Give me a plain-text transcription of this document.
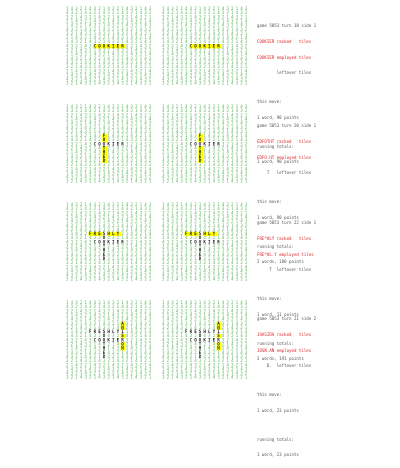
1 4 3 2 1 4 3 2 1 4 3 2 1 4 3 2 1 4 3
4 3 2 1 4 3 2 1 4 3 2 1 4 3 2 1 4 3 2
3 2 1 4 3 2 1 4 3 2 1 4 3 2 1 4 3 2 1
2 1 4 3 2 1 4 3 2 1 4 3 2 1 4 3 2 1 4
1 4 3 2 1 4 3 2 1 4 3 2 1 4 3 2 1 4 3
4 3 2 1 4 3 2 1 4 3 2 1 4 3 2 1 4 3 2
3 2 1 4 3 2 1 4 3 2 1 4 3 2 1 4 3 2 1
2 1 4 3 2 1 4 3 2 1 4 3 2 1 4 3 2 1 4
1 4 3 2 1 4 3 2 1 4 3 2 1 4 3 2 1 4 3
4 3 2 1 4 3 C O O K I E R 3 2 1 4 3 2
3 2 1 4 3 2 1 4 3 2 1 4 3 2 1 4 3 2 1
2 1 4 3 2 1 4 3 2 1 4 3 2 1 4 3 2 1 4
1 4 3 2 1 4 3 2 1 4 3 2 1 4 3 2 1 4 3
4 3 2 1 4 3 2 1 4 3 2 1 4 3 2 1 4 3 2
3 2 1 4 3 2 1 4 3 2 1 4 3 2 1 4 3 2 1
2 1 4 3 2 1 4 3 2 1 4 3 2 1 4 3 2 1 4
1 4 3 2 1 4 3 2 1 4 3 2 1 4 3 2 1 4 3
4 3 2 1 4 3 2 1 4 3 2 1 4 3 2 1 4 3 2
3 2 1 4 3 2 1 4 3 2 1 4 3 2 1 4 3 2 1
1 4 3 2 1 4 3 2 1 4 3 2 1 4 3 2 1 4 3
4 3 2 1 4 3 2 1 4 3 2 1 4 3 2 1 4 3 2
3 2 1 4 3 2 1 4 3 2 1 4 3 2 1 4 3 2 1
2 1 4 3 2 1 4 3 2 1 4 3 2 1 4 3 2 1 4
1 4 3 2 1 4 3 2 1 4 3 2 1 4 3 2 1 4 3
4 3 2 1 4 3 2 1 4 3 2 1 4 3 2 1 4 3 2
3 2 1 4 3 2 1 4 3 2 1 4 3 2 1 4 3 2 1
2 1 4 3 2 1 4 3 2 1 4 3 2 1 4 3 2 1 4
1 4 3 2 1 4 3 2 1 4 3 2 1 4 3 2 1 4 3
4 3 2 1 4 3 C O O K I E R 3 2 1 4 3 2
3 2 1 4 3 2 1 4 3 2 1 4 3 2 1 4 3 2 1
2 1 4 3 2 1 4 3 2 1 4 3 2 1 4 3 2 1 4
1 4 3 2 1 4 3 2 1 4 3 2 1 4 3 2 1 4 3
4 3 2 1 4 3 2 1 4 3 2 1 4 3 2 1 4 3 2
3 2 1 4 3 2 1 4 3 2 1 4 3 2 1 4 3 2 1
2 1 4 3 2 1 4 3 2 1 4 3 2 1 4 3 2 1 4
1 4 3 2 1 4 3 2 1 4 3 2 1 4 3 2 1 4 3
4 3 2 1 4 3 2 1 4 3 2 1 4 3 2 1 4 3 2
3 2 1 4 3 2 1 4 3 2 1 4 3 2 1 4 3 2 1
1 4 3 2 1 4 3 2 1 4 3 2 1 4 3 2 1 4 3
4 3 2 1 4 3 2 1 4 3 2 1 4 3 2 1 4 3 2
3 2 1 4 3 2 1 4 3 2 1 4 3 2 1 4 3 2 1
2 1 4 3 2 1 4 3 2 1 4 3 2 1 4 3 2 1 4
1 4 3 2 1 4 3 2 1 4 3 2 1 4 3 2 1 4 3
4 3 2 1 4 3 2 1 4 3 2 1 4 3 2 1 4 3 2
3 2 1 4 3 2 1 4 3 2 1 4 3 2 1 4 3 2 1
2 1 4 3 2 1 4 3 F 1 4 3 2 1 4 3 2 1 4
1 4 3 2 1 4 3 2 O 4 3 2 1 4 3 2 1 4 3
4 3 2 1 4 3 C O O K I E R 3 2 1 4 3 2
3 2 1 4 3 2 1 4 T 2 1 4 3 2 1 4 3 2 1
2 1 4 3 2 1 4 3 H 1 4 3 2 1 4 3 2 1 4
1 4 3 2 1 4 3 2 E 4 3 2 1 4 3 2 1 4 3
4 3 2 1 4 3 2 1 D 3 2 1 4 3 2 1 4 3 2
3 2 1 4 3 2 1 4 3 2 1 4 3 2 1 4 3 2 1
2 1 4 3 2 1 4 3 2 1 4 3 2 1 4 3 2 1 4
1 4 3 2 1 4 3 2 1 4 3 2 1 4 3 2 1 4 3
4 3 2 1 4 3 2 1 4 3 2 1 4 3 2 1 4 3 2
3 2 1 4 3 2 1 4 3 2 1 4 3 2 1 4 3 2 1
1 4 3 2 1 4 3 2 1 4 3 2 1 4 3 2 1 4 3
4 3 2 1 4 3 2 1 4 3 2 1 4 3 2 1 4 3 2
3 2 1 4 3 2 1 4 3 2 1 4 3 2 1 4 3 2 1
2 1 4 3 2 1 4 3 2 1 4 3 2 1 4 3 2 1 4
1 4 3 2 1 4 3 2 1 4 3 2 1 4 3 2 1 4 3
4 3 2 1 4 3 2 1 4 3 2 1 4 3 2 1 4 3 2
3 2 1 4 3 2 1 4 3 2 1 4 3 2 1 4 3 2 1
2 1 4 3 2 1 4 3 F 1 4 3 2 1 4 3 2 1 4
1 4 3 2 1 4 3 2 O 4 3 2 1 4 3 2 1 4 3
4 3 2 1 4 3 C O O K I E R 3 2 1 4 3 2
3 2 1 4 3 2 1 4 T 2 1 4 3 2 1 4 3 2 1
2 1 4 3 2 1 4 3 H 1 4 3 2 1 4 3 2 1 4
1 4 3 2 1 4 3 2 E 4 3 2 1 4 3 2 1 4 3
4 3 2 1 4 3 2 1 D 3 2 1 4 3 2 1 4 3 2
3 2 1 4 3 2 1 4 3 2 1 4 3 2 1 4 3 2 1
2 1 4 3 2 1 4 3 2 1 4 3 2 1 4 3 2 1 4
1 4 3 2 1 4 3 2 1 4 3 2 1 4 3 2 1 4 3
4 3 2 1 4 3 2 1 4 3 2 1 4 3 2 1 4 3 2
3 2 1 4 3 2 1 4 3 2 1 4 3 2 1 4 3 2 1
1 4 3 2 1 4 3 2 1 4 3 2 1 4 3 2 1 4 3
4 3 2 1 4 3 2 1 4 3 2 1 4 3 2 1 4 3 2
3 2 1 4 3 2 1 4 3 2 1 4 3 2 1 4 3 2 1
2 1 4 3 2 1 4 3 2 1 4 3 2 1 4 3 2 1 4
1 4 3 2 1 4 3 2 1 4 3 2 1 4 3 2 1 4 3
4 3 2 1 4 3 2 1 4 3 2 1 4 3 2 1 4 3 2
3 2 1 4 3 2 1 4 3 2 1 4 3 2 1 4 3 2 1
2 1 4 3 2 F R E S H L Y 2 1 4 3 2 1 4
1 4 3 2 1 4 3 2 O 4 3 2 1 4 3 2 1 4 3
4 3 2 1 4 3 C O O K I E R 3 2 1 4 3 2
3 2 1 4 3 2 1 4 T 2 1 4 3 2 1 4 3 2 1
2 1 4 3 2 1 4 3 H 1 4 3 2 1 4 3 2 1 4
1 4 3 2 1 4 3 2 E 4 3 2 1 4 3 2 1 4 3
4 3 2 1 4 3 2 1 D 3 2 1 4 3 2 1 4 3 2
3 2 1 4 3 2 1 4 3 2 1 4 3 2 1 4 3 2 1
2 1 4 3 2 1 4 3 2 1 4 3 2 1 4 3 2 1 4
1 4 3 2 1 4 3 2 1 4 3 2 1 4 3 2 1 4 3
4 3 2 1 4 3 2 1 4 3 2 1 4 3 2 1 4 3 2
3 2 1 4 3 2 1 4 3 2 1 4 3 2 1 4 3 2 1
1 4 3 2 1 4 3 2 1 4 3 2 1 4 3 2 1 4 3
4 3 2 1 4 3 2 1 4 3 2 1 4 3 2 1 4 3 2
3 2 1 4 3 2 1 4 3 2 1 4 3 2 1 4 3 2 1
2 1 4 3 2 1 4 3 2 1 4 3 2 1 4 3 2 1 4
1 4 3 2 1 4 3 2 1 4 3 2 1 4 3 2 1 4 3
4 3 2 1 4 3 2 1 4 3 2 1 4 3 2 1 4 3 2
3 2 1 4 3 2 1 4 3 2 1 4 3 2 1 4 3 2 1
2 1 4 3 2 F R E S H L Y 2 1 4 3 2 1 4
1 4 3 2 1 4 3 2 O 4 3 2 1 4 3 2 1 4 3
4 3 2 1 4 3 C O O K I E R 3 2 1 4 3 2
3 2 1 4 3 2 1 4 T 2 1 4 3 2 1 4 3 2 1
2 1 4 3 2 1 4 3 H 1 4 3 2 1 4 3 2 1 4
1 4 3 2 1 4 3 2 E 4 3 2 1 4 3 2 1 4 3
4 3 2 1 4 3 2 1 D 3 2 1 4 3 2 1 4 3 2
3 2 1 4 3 2 1 4 3 2 1 4 3 2 1 4 3 2 1
2 1 4 3 2 1 4 3 2 1 4 3 2 1 4 3 2 1 4
1 4 3 2 1 4 3 2 1 4 3 2 1 4 3 2 1 4 3
4 3 2 1 4 3 2 1 4 3 2 1 4 3 2 1 4 3 2
3 2 1 4 3 2 1 4 3 2 1 4 3 2 1 4 3 2 1
1 4 3 2 1 4 3 2 1 4 3 2 1 4 3 2 1 4 3
4 3 2 1 4 3 2 1 4 3 2 1 4 3 2 1 4 3 2
3 2 1 4 3 2 1 4 3 2 1 4 3 2 1 4 3 2 1
2 1 4 3 2 1 4 3 2 1 4 3 2 1 4 3 2 1 4
1 4 3 2 1 4 3 2 1 4 3 2 1 4 3 2 1 4 3
4 3 2 1 4 3 2 1 4 3 2 1 A 3 2 1 4 3 2
3 2 1 4 3 2 1 4 3 2 1 4 N 2 1 4 3 2 1
2 1 4 3 2 F R E S H L Y I 1 4 3 2 1 4
1 4 3 2 1 4 3 2 O 4 3 2 S 4 3 2 1 4 3
4 3 2 1 4 3 C O O K I E R 3 2 1 4 3 2
3 2 1 4 3 2 1 4 T 2 1 4 O 2 1 4 3 2 1
2 1 4 3 2 1 4 3 H 1 4 3 N 1 4 3 2 1 4
1 4 3 2 1 4 3 2 E 4 3 2 1 4 3 2 1 4 3
4 3 2 1 4 3 2 1 D 3 2 1 4 3 2 1 4 3 2
3 2 1 4 3 2 1 4 3 2 1 4 3 2 1 4 3 2 1
2 1 4 3 2 1 4 3 2 1 4 3 2 1 4 3 2 1 4
1 4 3 2 1 4 3 2 1 4 3 2 1 4 3 2 1 4 3
4 3 2 1 4 3 2 1 4 3 2 1 4 3 2 1 4 3 2
3 2 1 4 3 2 1 4 3 2 1 4 3 2 1 4 3 2 1
1 4 3 2 1 4 3 2 1 4 3 2 1 4 3 2 1 4 3
4 3 2 1 4 3 2 1 4 3 2 1 4 3 2 1 4 3 2
3 2 1 4 3 2 1 4 3 2 1 4 3 2 1 4 3 2 1
2 1 4 3 2 1 4 3 2 1 4 3 2 1 4 3 2 1 4
1 4 3 2 1 4 3 2 1 4 3 2 1 4 3 2 1 4 3
4 3 2 1 4 3 2 1 4 3 2 1 A 3 2 1 4 3 2
3 2 1 4 3 2 1 4 3 2 1 4 N 2 1 4 3 2 1
2 1 4 3 2 F R E S H L Y I 1 4 3 2 1 4
1 4 3 2 1 4 3 2 O 4 3 2 S 4 3 2 1 4 3
4 3 2 1 4 3 C O O K I E R 3 2 1 4 3 2
3 2 1 4 3 2 1 4 T 2 1 4 O 2 1 4 3 2 1
2 1 4 3 2 1 4 3 H 1 4 3 N 1 4 3 2 1 4
1 4 3 2 1 4 3 2 E 4 3 2 1 4 3 2 1 4 3
4 3 2 1 4 3 2 1 D 3 2 1 4 3 2 1 4 3 2
3 2 1 4 3 2 1 4 3 2 1 4 3 2 1 4 3 2 1
2 1 4 3 2 1 4 3 2 1 4 3 2 1 4 3 2 1 4
1 4 3 2 1 4 3 2 1 4 3 2 1 4 3 2 1 4 3
4 3 2 1 4 3 2 1 4 3 2 1 4 3 2 1 4 3 2
3 2 1 4 3 2 1 4 3 2 1 4 3 2 1 4 3 2 1

game 5053 turn 18 side 1

COOKIER racked   tiles

COOKIER employed tiles

leftover tiles

this move:

1 word, 90 points

running totals:

1 word, 90 points

game 5053 turn 20 side 1

EDFOTHT racked   tiles

EDFO.HT employed tiles

T   leftover tiles

this move:

1 word, 90 points

running totals:

2 words, 180 points

game 5053 turn 22 side 1

FRE*HLY racked   tiles

FRE*HL.Y employed tiles

T  leftover tiles

this move:

1 word, 11 points

running totals:

3 words, 191 points

game 5053 turn 21 side 2

JOASIDA racked   tiles

JOSN.AN employed tiles

D.  leftover tiles

this move:

1 word, 23 points

running totals:

1 word, 23 points
